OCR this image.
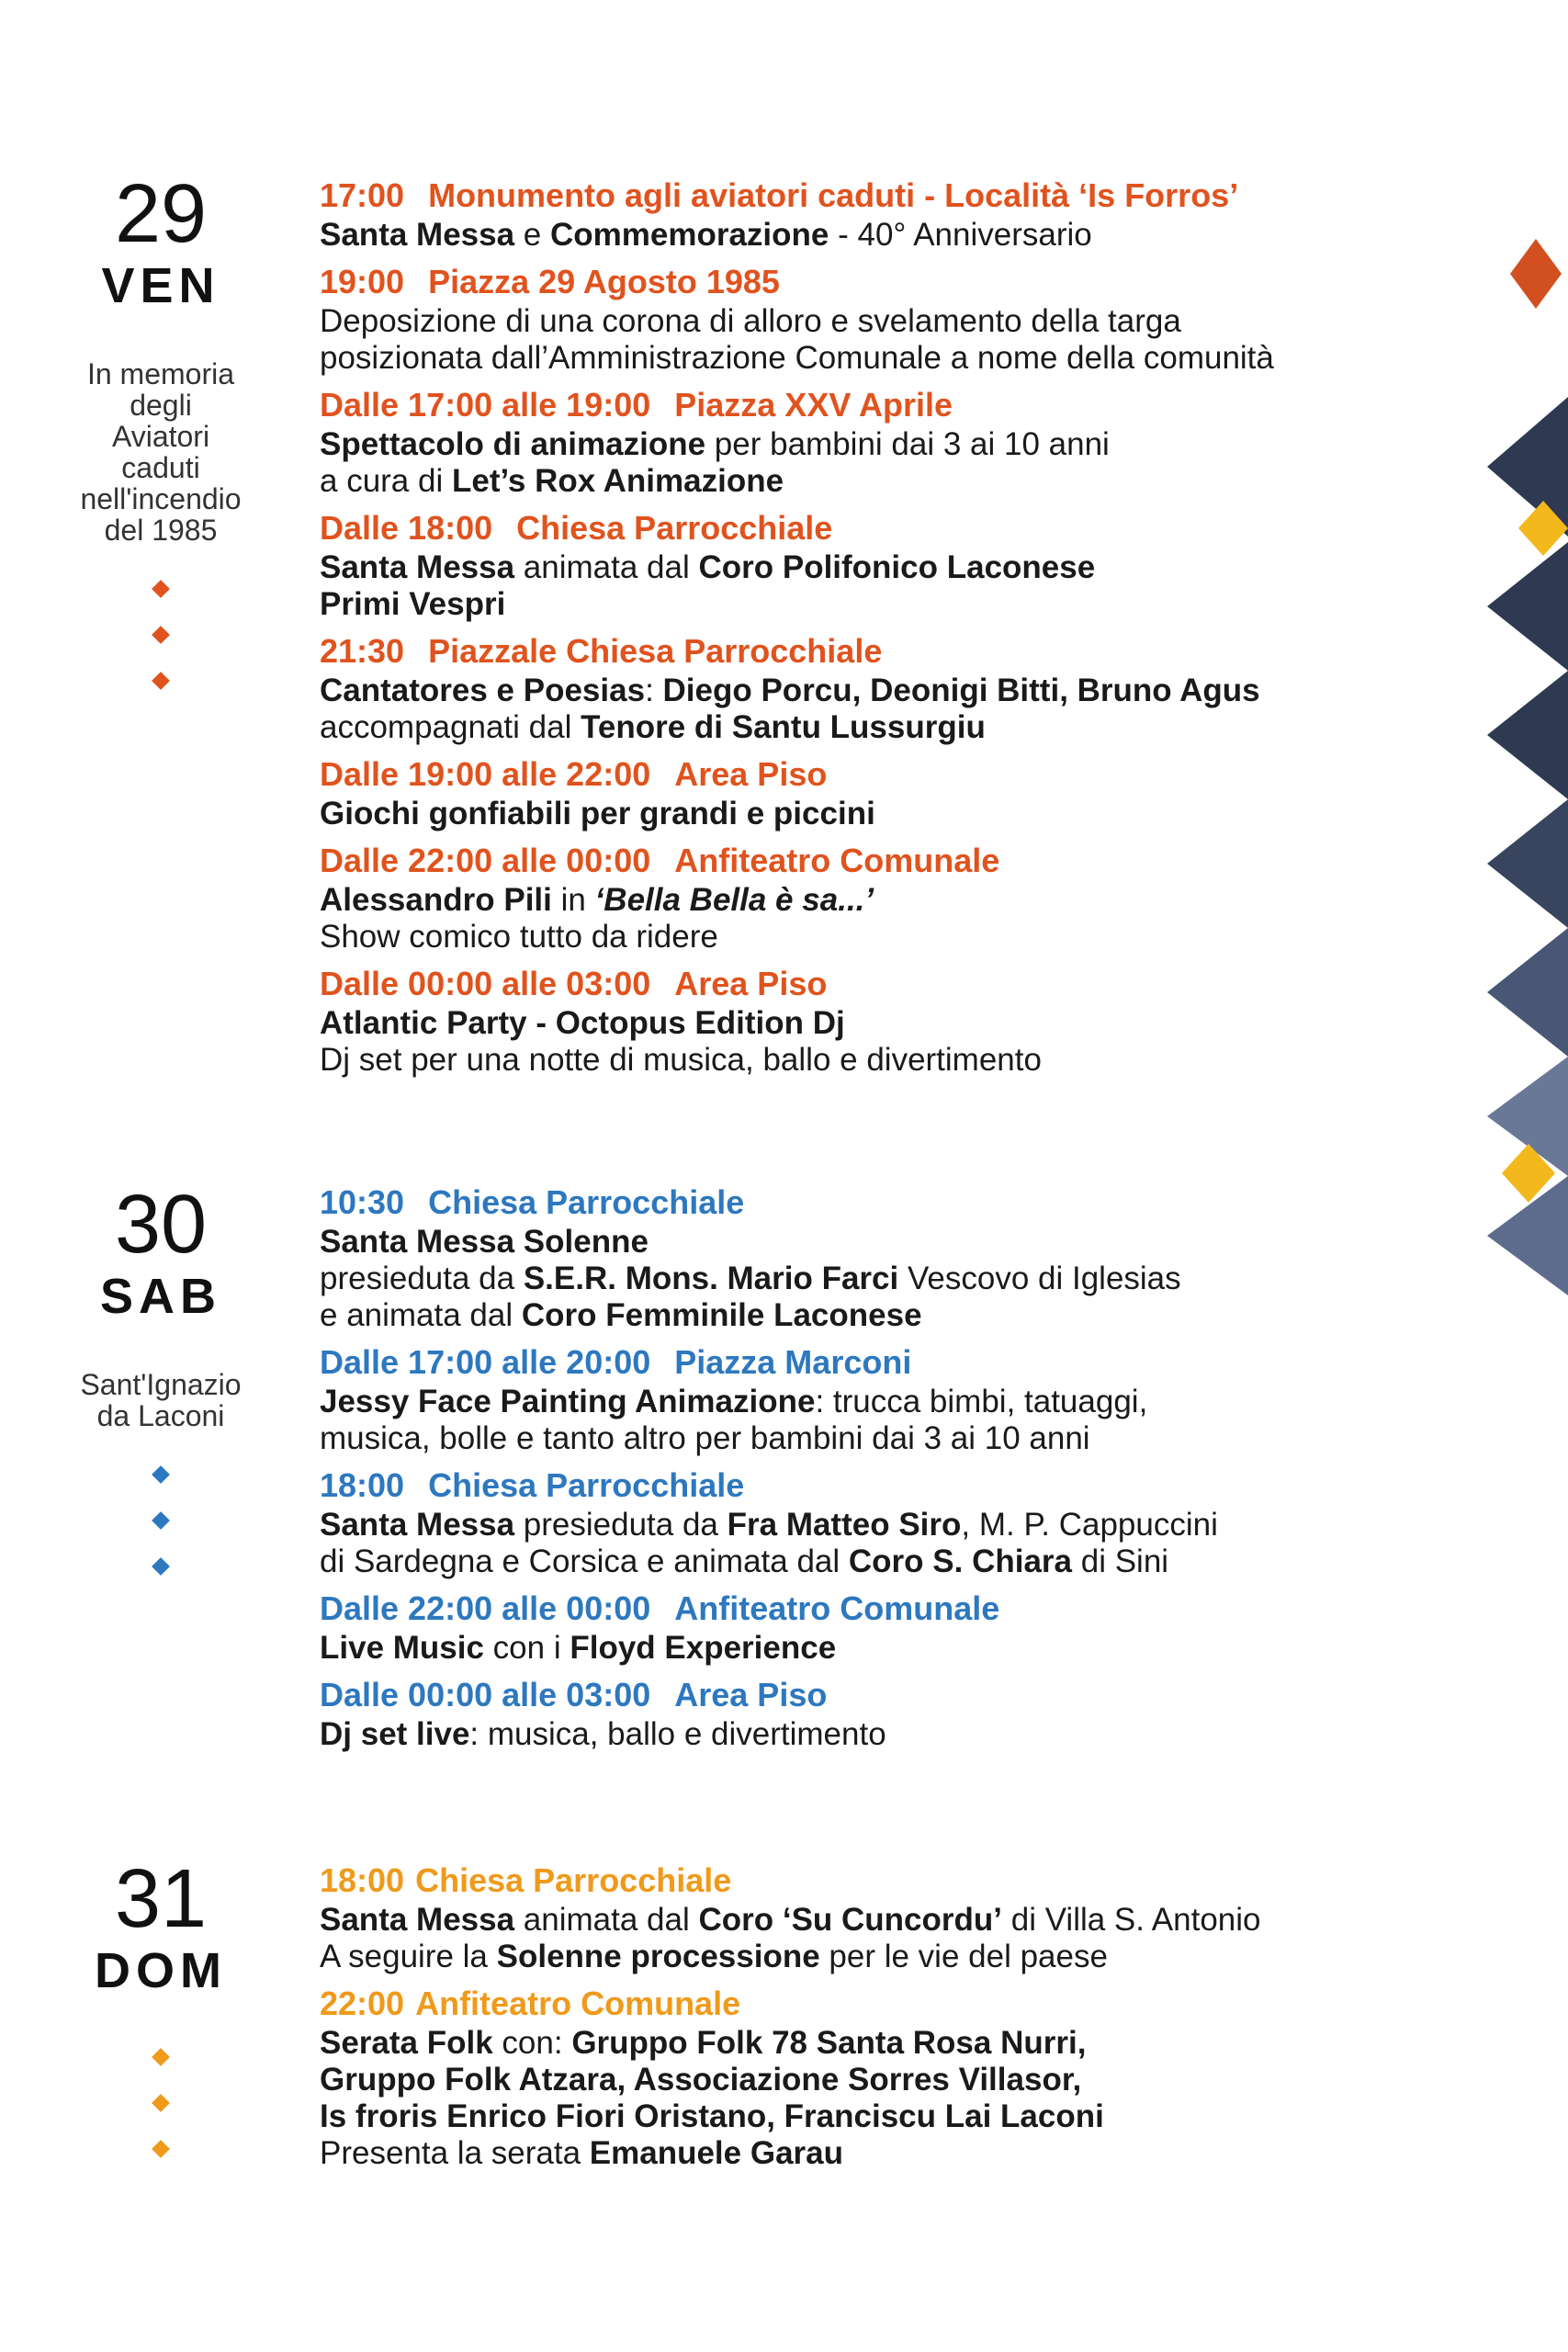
29
VEN
In memoria
degli
Aviatori
caduti
nell'incendio
del 1985
17:00 Monumento agli aviatori caduti - Località ‘Is Forros’
Santa Messa e Commemorazione - 40° Anniversario
19:00 Piazza 29 Agosto 1985
Deposizione di una corona di alloro e svelamento della targa
posizionata dall’Amministrazione Comunale a nome della comunità
Dalle 17:00 alle 19:00 Piazza XXV Aprile
Spettacolo di animazione per bambini dai 3 ai 10 anni
a cura di Let’s Rox Animazione
Dalle 18:00 Chiesa Parrocchiale
Santa Messa animata dal Coro Polifonico Laconese
Primi Vespri
21:30 Piazzale Chiesa Parrocchiale
Cantatores e Poesias: Diego Porcu, Deonigi Bitti, Bruno Agus
accompagnati dal Tenore di Santu Lussurgiu
Dalle 19:00 alle 22:00 Area Piso
Giochi gonfiabili per grandi e piccini
Dalle 22:00 alle 00:00 Anfiteatro Comunale
Alessandro Pili in ‘Bella Bella è sa...’
Show comico tutto da ridere
Dalle 00:00 alle 03:00 Area Piso
Atlantic Party - Octopus Edition Dj
Dj set per una notte di musica, ballo e divertimento
30
SAB
Sant'Ignazio
da Laconi
10:30 Chiesa Parrocchiale
Santa Messa Solenne
presieduta da S.E.R. Mons. Mario Farci Vescovo di Iglesias
e animata dal Coro Femminile Laconese
Dalle 17:00 alle 20:00 Piazza Marconi
Jessy Face Painting Animazione: trucca bimbi, tatuaggi,
musica, bolle e tanto altro per bambini dai 3 ai 10 anni
18:00 Chiesa Parrocchiale
Santa Messa presieduta da Fra Matteo Siro, M. P. Cappuccini
di Sardegna e Corsica e animata dal Coro S. Chiara di Sini
Dalle 22:00 alle 00:00 Anfiteatro Comunale
Live Music con i Floyd Experience
Dalle 00:00 alle 03:00 Area Piso
Dj set live: musica, ballo e divertimento
31
DOM
18:00 Chiesa Parrocchiale
Santa Messa animata dal Coro ‘Su Cuncordu’ di Villa S. Antonio
A seguire la Solenne processione per le vie del paese
22:00 Anfiteatro Comunale
Serata Folk con: Gruppo Folk 78 Santa Rosa Nurri,
Gruppo Folk Atzara, Associazione Sorres Villasor,
Is froris Enrico Fiori Oristano, Franciscu Lai Laconi
Presenta la serata Emanuele Garau
